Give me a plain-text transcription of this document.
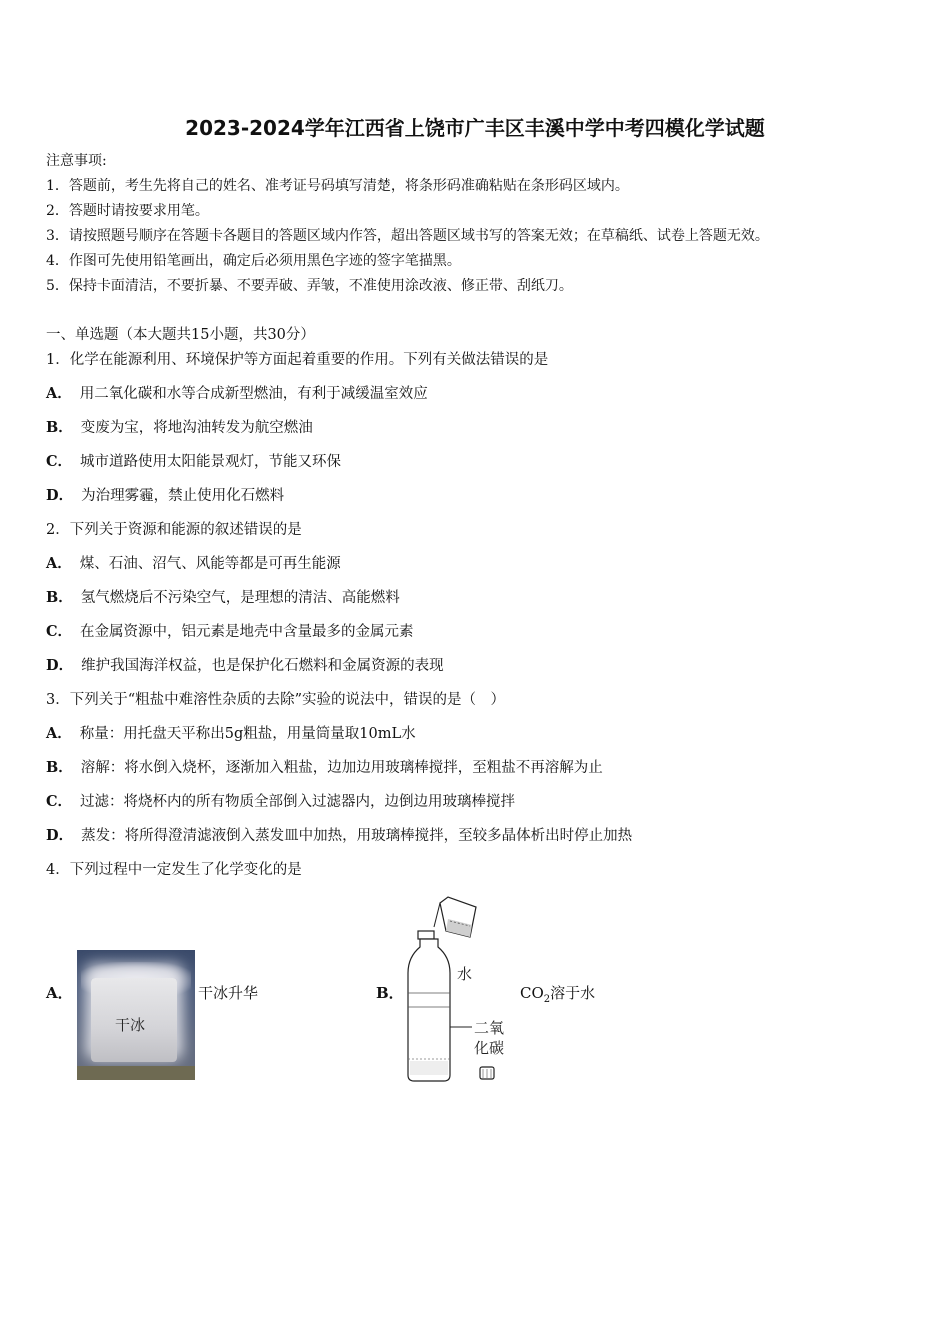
2023-2024学年江西省上饶市广丰区丰溪中学中考四模化学试题
注意事项:
1．答题前，考生先将自己的姓名、准考证号码填写清楚，将条形码准确粘贴在条形码区域内。
2．答题时请按要求用笔。
3．请按照题号顺序在答题卡各题目的答题区域内作答，超出答题区域书写的答案无效；在草稿纸、试卷上答题无效。
4．作图可先使用铅笔画出，确定后必须用黑色字迹的签字笔描黑。
5．保持卡面清洁，不要折暴、不要弄破、弄皱，不准使用涂改液、修正带、刮纸刀。
一、单选题（本大题共15小题，共30分）
1．化学在能源利用、环境保护等方面起着重要的作用。下列有关做法错误的是
A． 用二氧化碳和水等合成新型燃油，有利于减缓温室效应
B． 变废为宝，将地沟油转发为航空燃油
C． 城市道路使用太阳能景观灯，节能又环保
D． 为治理雾霾，禁止使用化石燃料
2．下列关于资源和能源的叙述错误的是
A． 煤、石油、沼气、风能等都是可再生能源
B． 氢气燃烧后不污染空气，是理想的清洁、高能燃料
C． 在金属资源中，铝元素是地壳中含量最多的金属元素
D． 维护我国海洋权益，也是保护化石燃料和金属资源的表现
3．下列关于“粗盐中难溶性杂质的去除”实验的说法中，错误的是（　）
A． 称量：用托盘天平称出5g粗盐，用量筒量取10mL水
B． 溶解：将水倒入烧杯，逐渐加入粗盐，边加边用玻璃棒搅拌，至粗盐不再溶解为止
C． 过滤：将烧杯内的所有物质全部倒入过滤器内，边倒边用玻璃棒搅拌
D． 蒸发：将所得澄清滤液倒入蒸发皿中加热，用玻璃棒搅拌，至较多晶体析出时停止加热
4．下列过程中一定发生了化学变化的是
A．
干冰
干冰升华	B．
水
二氧
化碳
$CO_2$溶于水
